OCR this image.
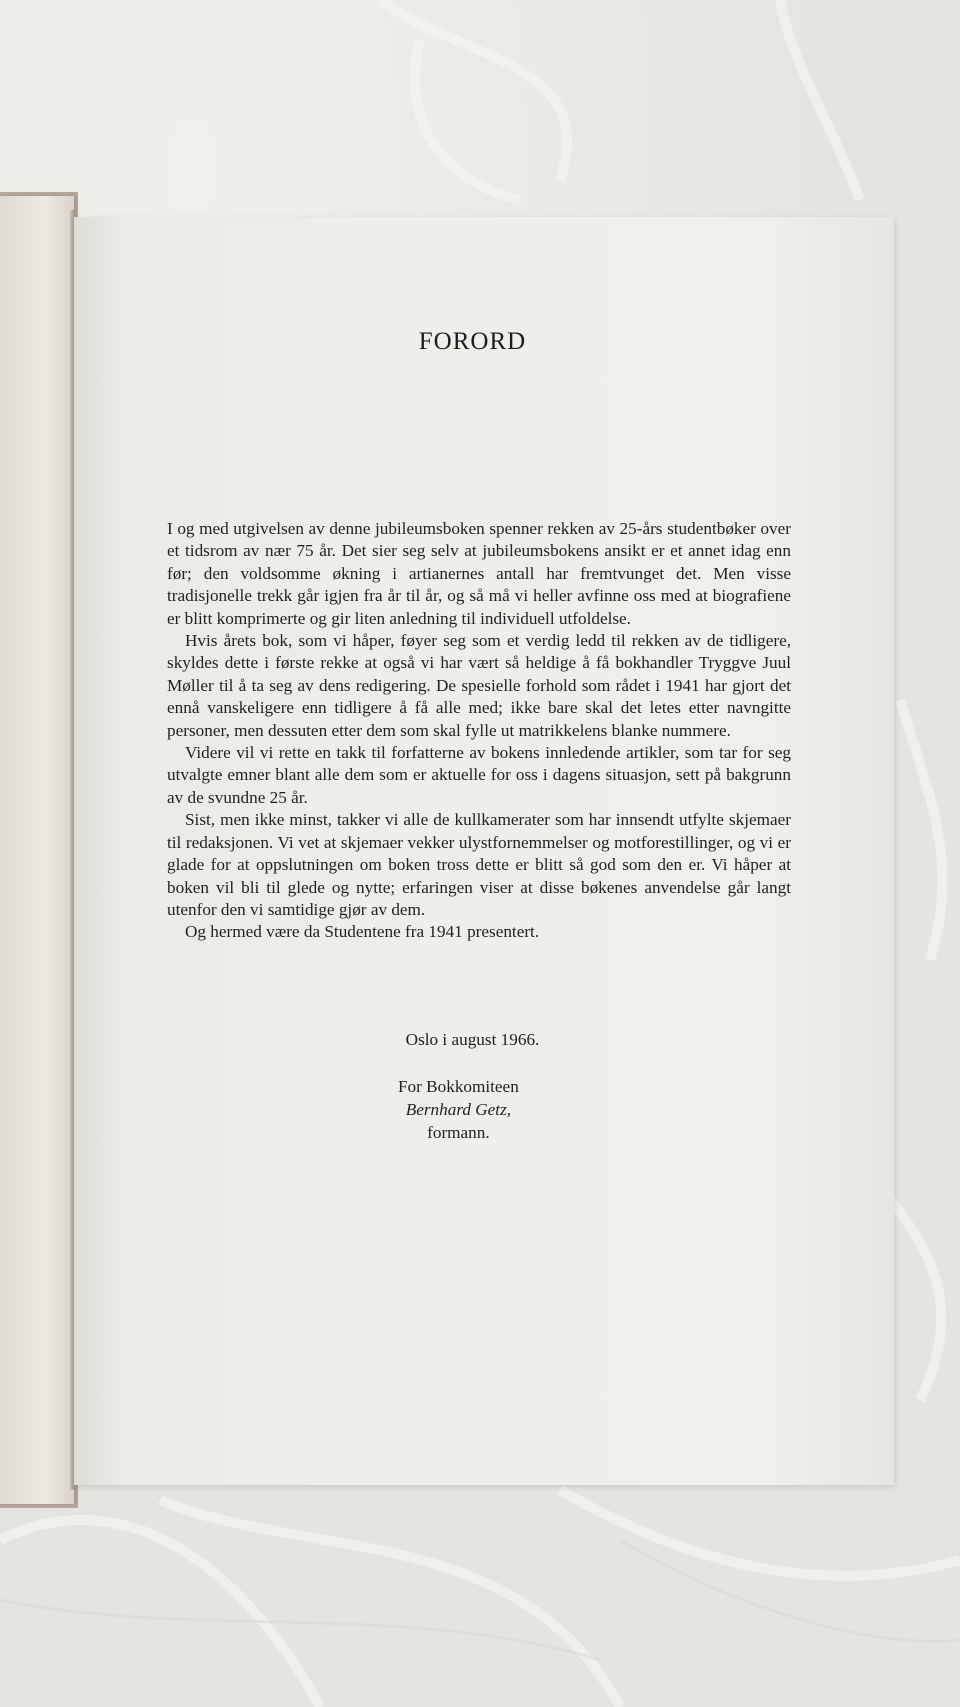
FORORD

I og med utgivelsen av denne jubileumsboken spenner rekken av 25-års studentbøker over et tidsrom av nær 75 år. Det sier seg selv at jubileumsbokens ansikt er et annet idag enn før; den voldsomme økning i artianernes antall har fremtvunget det. Men visse tradisjonelle trekk går igjen fra år til år, og så må vi heller avfinne oss med at biografiene er blitt komprimerte og gir liten anledning til individuell utfoldelse.

Hvis årets bok, som vi håper, føyer seg som et verdig ledd til rekken av de tidligere, skyldes dette i første rekke at også vi har vært så heldige å få bokhandler Tryggve Juul Møller til å ta seg av dens redigering. De spesielle forhold som rådet i 1941 har gjort det ennå vanskeligere enn tidligere å få alle med; ikke bare skal det letes etter navngitte personer, men dessuten etter dem som skal fylle ut matrikkelens blanke nummere.

Videre vil vi rette en takk til forfatterne av bokens innledende artikler, som tar for seg utvalgte emner blant alle dem som er aktuelle for oss i dagens situasjon, sett på bakgrunn av de svundne 25 år.

Sist, men ikke minst, takker vi alle de kullkamerater som har innsendt utfylte skjemaer til redaksjonen. Vi vet at skjemaer vekker ulystfornemmelser og motforestillinger, og vi er glade for at oppslutningen om boken tross dette er blitt så god som den er. Vi håper at boken vil bli til glede og nytte; erfaringen viser at disse bøkenes anvendelse går langt utenfor den vi samtidige gjør av dem.

Og hermed være da Studentene fra 1941 presentert.

Oslo i august 1966.
For Bokkomiteen
Bernhard Getz,
formann.
